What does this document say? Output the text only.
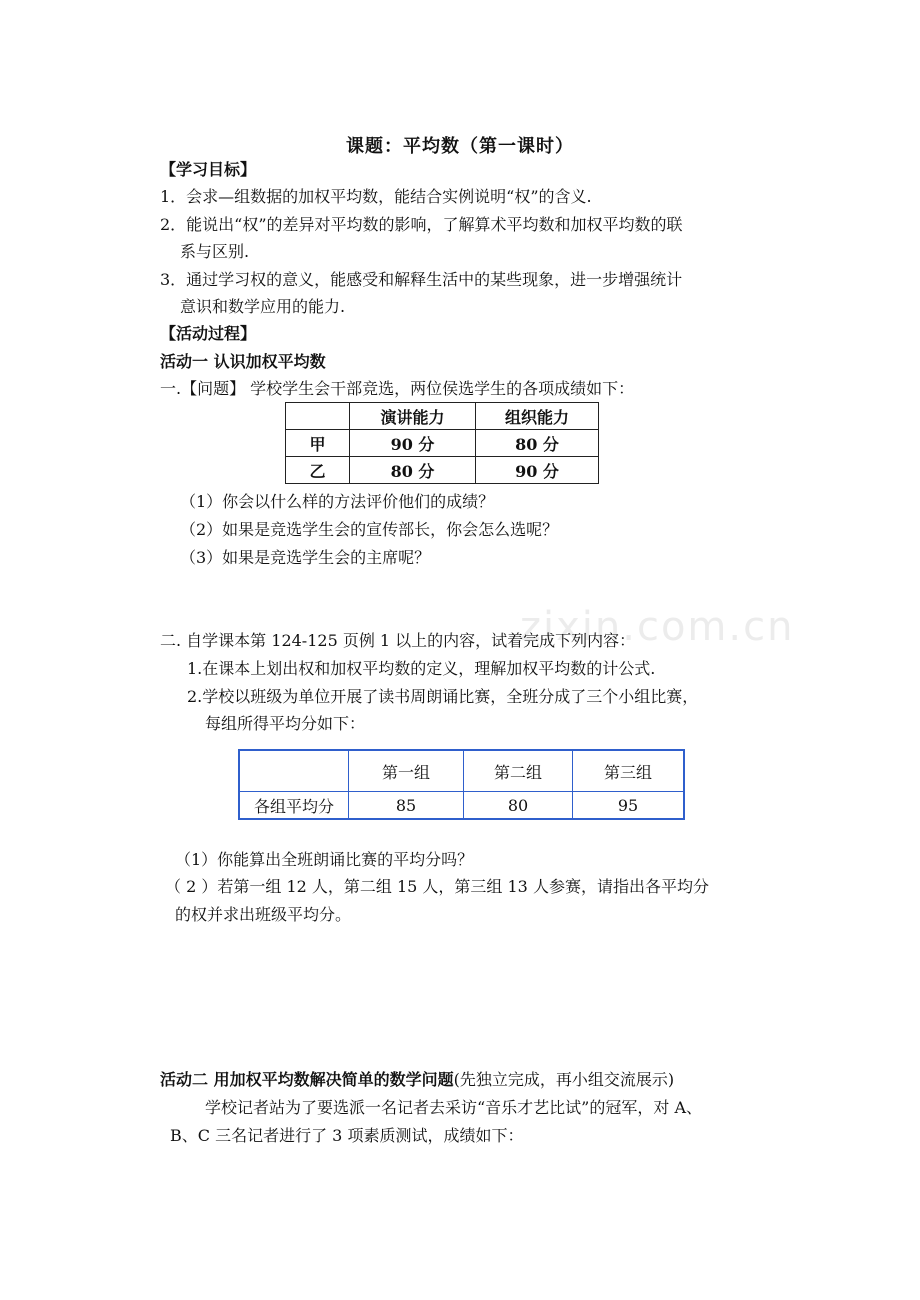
课题：平均数（第一课时）
【学习目标】
1．会求—组数据的加权平均数，能结合实例说明“权”的含义.
2．能说出“权”的差异对平均数的影响，了解算术平均数和加权平均数的联
系与区别.
3．通过学习权的意义，能感受和解释生活中的某些现象，进一步增强统计
意识和数学应用的能力.
【活动过程】
活动一 认识加权平均数
一.【问题】 学校学生会干部竞选，两位侯选学生的各项成绩如下：
	演讲能力	组织能力
甲	90 分	80 分
乙	80 分	90 分
（1）你会以什么样的方法评价他们的成绩？
（2）如果是竞选学生会的宣传部长，你会怎么选呢？
（3）如果是竞选学生会的主席呢？
zixin.com.cn
二. 自学课本第 124-125 页例 1 以上的内容，试着完成下列内容：
1.在课本上划出权和加权平均数的定义，理解加权平均数的计公式.
2.学校以班级为单位开展了读书周朗诵比赛，全班分成了三个小组比赛，
每组所得平均分如下：
	第一组	第二组	第三组
各组平均分	85	80	95
（1）你能算出全班朗诵比赛的平均分吗？
（ 2 ）若第一组 12 人，第二组 15 人，第三组 13 人参赛，请指出各平均分
的权并求出班级平均分。
活动二 用加权平均数解决简单的数学问题(先独立完成，再小组交流展示)
学校记者站为了要选派一名记者去采访“音乐才艺比试”的冠军，对 A、
B、C 三名记者进行了 3 项素质测试，成绩如下：
